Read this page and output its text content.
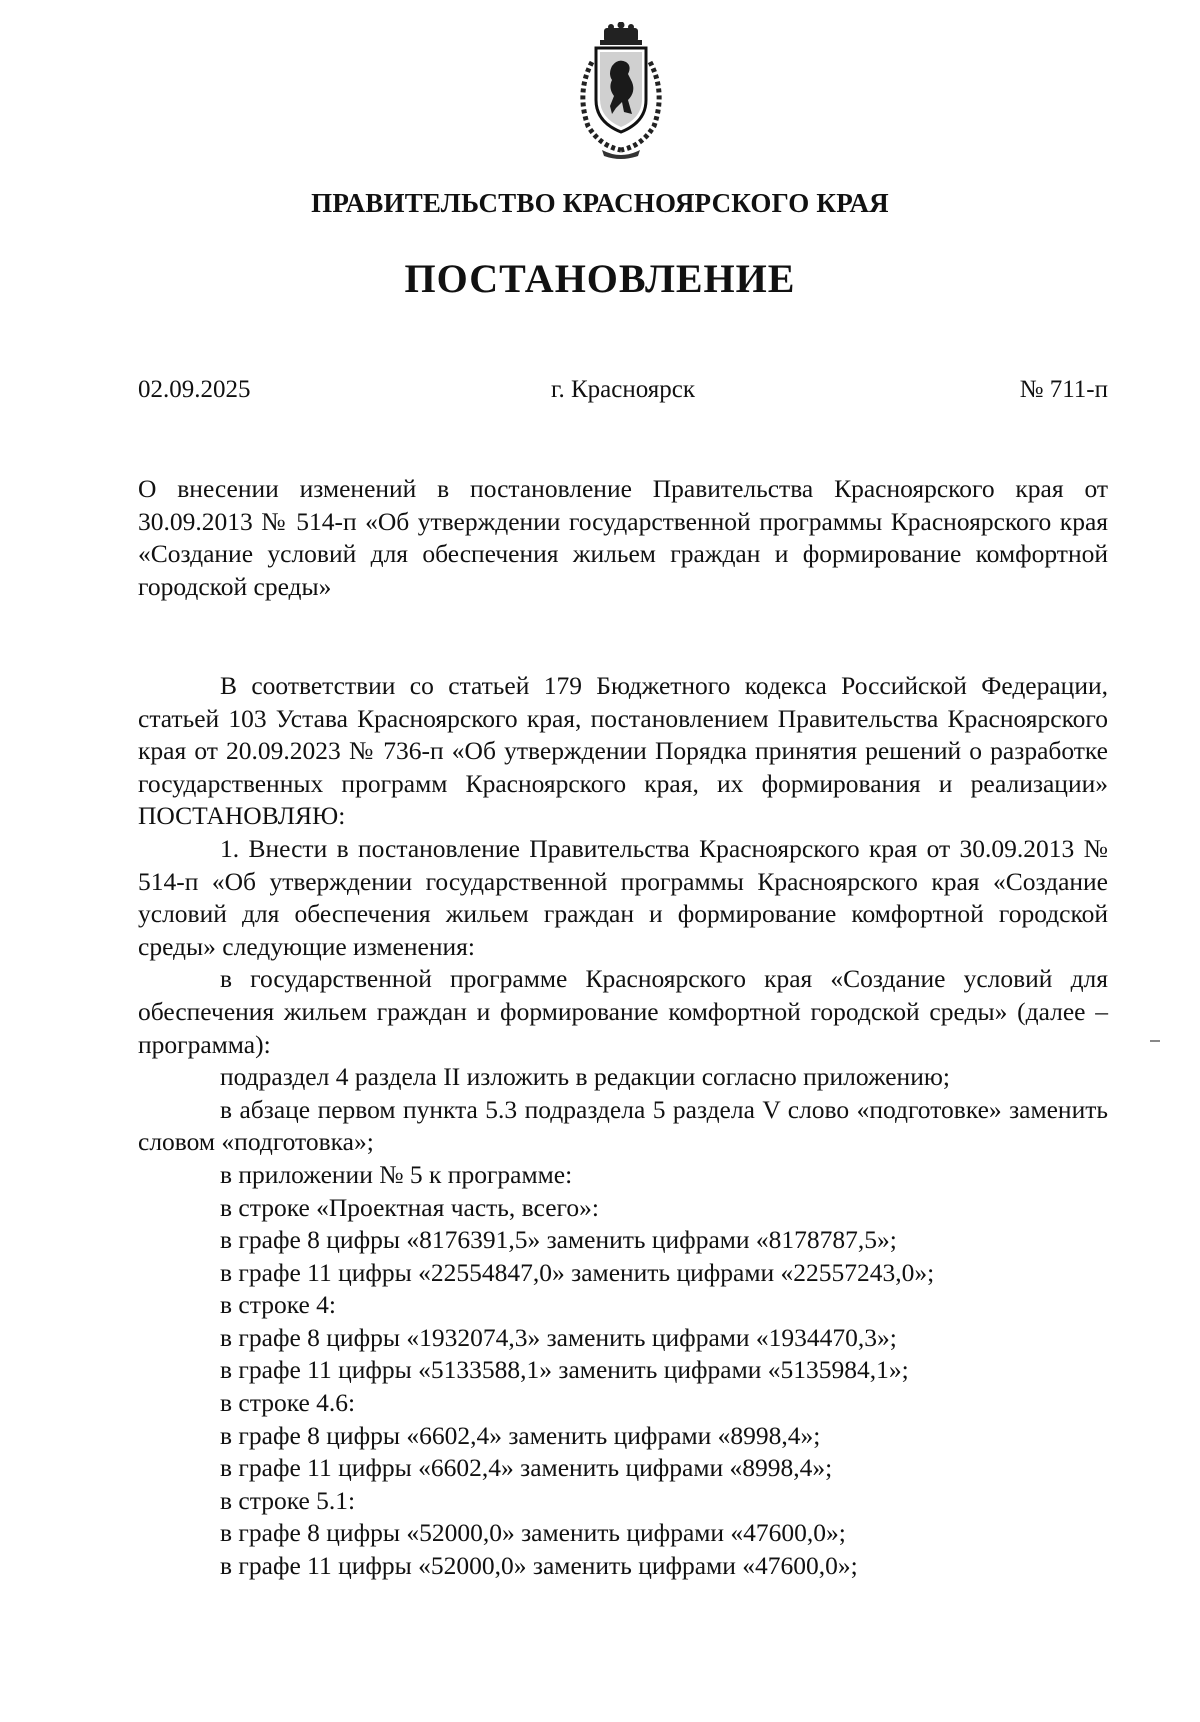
ПРАВИТЕЛЬСТВО КРАСНОЯРСКОГО КРАЯ
ПОСТАНОВЛЕНИЕ
02.09.2025	г. Красноярск	№ 711-п
О внесении изменений в постановление Правительства Красноярского края от 30.09.2013 № 514-п «Об утверждении государственной программы Красноярского края «Создание условий для обеспечения жильем граждан и формирование комфортной городской среды»

В соответствии со статьей 179 Бюджетного кодекса Российской Федерации, статьей 103 Устава Красноярского края, постановлением Правительства Красноярского края от 20.09.2023 № 736-п «Об утверждении Порядка принятия решений о разработке государственных программ Красноярского края, их формирования и реализации» ПОСТАНОВЛЯЮ:

1. Внести в постановление Правительства Красноярского края от 30.09.2013 № 514-п «Об утверждении государственной программы Красноярского края «Создание условий для обеспечения жильем граждан и формирование комфортной городской среды» следующие изменения:

в государственной программе Красноярского края «Создание условий для обеспечения жильем граждан и формирование комфортной городской среды» (далее – программа):

подраздел 4 раздела II изложить в редакции согласно приложению;

в абзаце первом пункта 5.3 подраздела 5 раздела V слово «подготовке» заменить словом «подготовка»;

в приложении № 5 к программе:

в строке «Проектная часть, всего»:

в графе 8 цифры «8176391,5» заменить цифрами «8178787,5»;

в графе 11 цифры «22554847,0» заменить цифрами «22557243,0»;

в строке 4:

в графе 8 цифры «1932074,3» заменить цифрами «1934470,3»;

в графе 11 цифры «5133588,1» заменить цифрами «5135984,1»;

в строке 4.6:

в графе 8 цифры «6602,4» заменить цифрами «8998,4»;

в графе 11 цифры «6602,4» заменить цифрами «8998,4»;

в строке 5.1:

в графе 8 цифры «52000,0» заменить цифрами «47600,0»;

в графе 11 цифры «52000,0» заменить цифрами «47600,0»;
